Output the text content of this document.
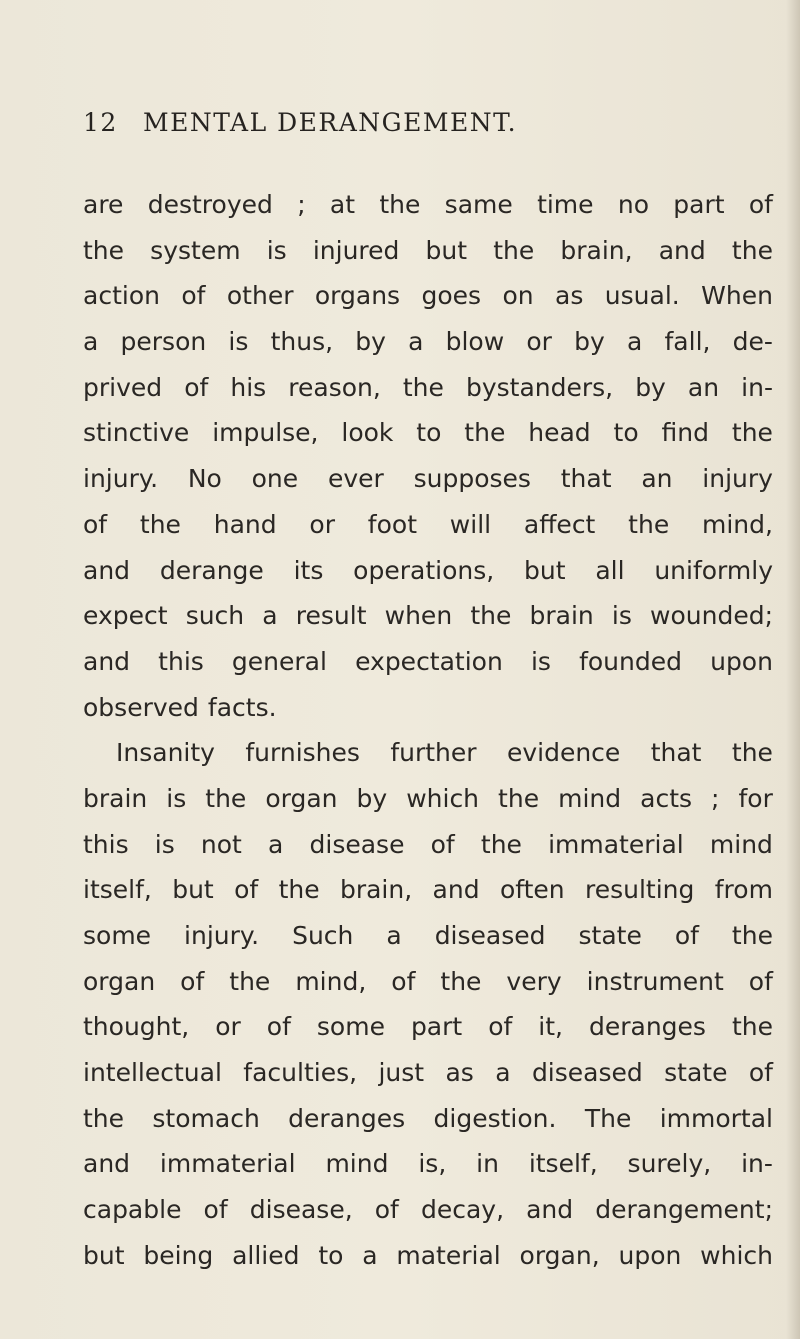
12 MENTAL DERANGEMENT.
are destroyed ; at the same time no part of
the system is injured but the brain, and the
action of other organs goes on as usual. When
a person is thus, by a blow or by a fall, de-
prived of his reason, the bystanders, by an in-
stinctive impulse, look to the head to find the
injury. No one ever supposes that an injury
of the hand or foot will affect the mind,
and derange its operations, but all uniformly
expect such a result when the brain is wounded;
and this general expectation is founded upon
observed facts.
Insanity furnishes further evidence that the
brain is the organ by which the mind acts ; for
this is not a disease of the immaterial mind
itself, but of the brain, and often resulting from
some injury. Such a diseased state of the
organ of the mind, of the very instrument of
thought, or of some part of it, deranges the
intellectual faculties, just as a diseased state of
the stomach deranges digestion. The immortal
and immaterial mind is, in itself, surely, in-
capable of disease, of decay, and derangement;
but being allied to a material organ, upon which
